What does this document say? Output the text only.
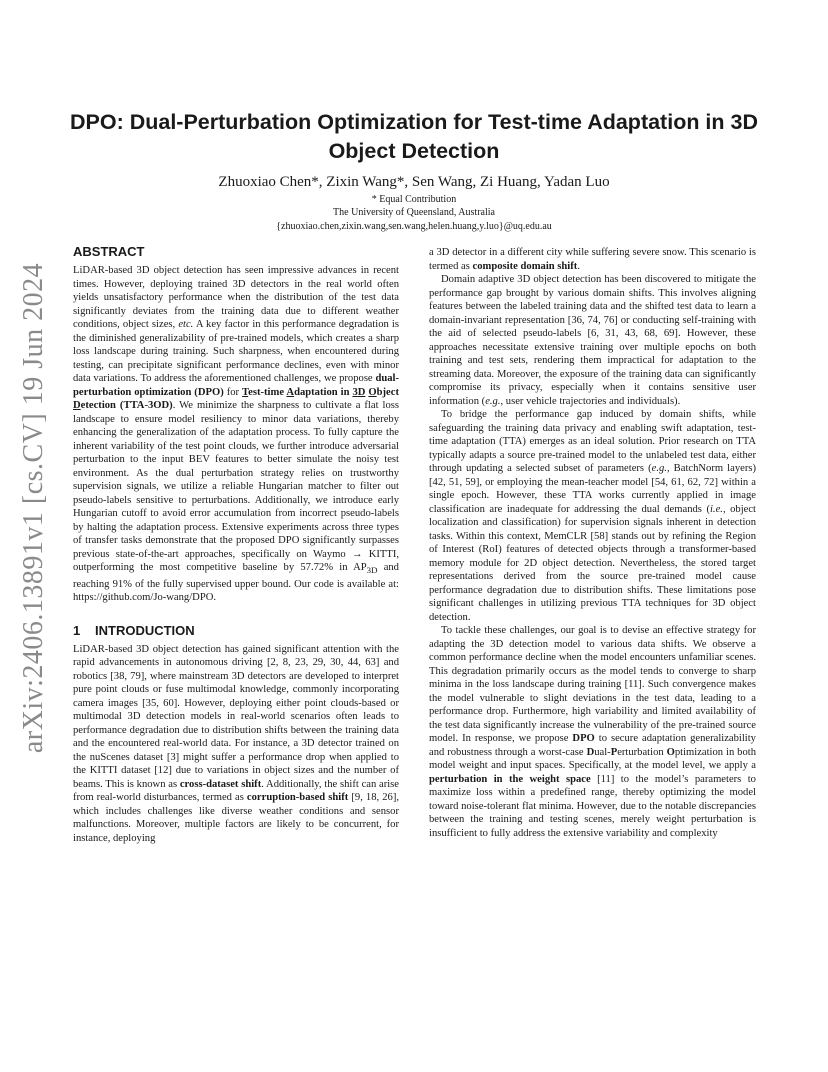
arXiv:2406.13891v1 [cs.CV] 19 Jun 2024
DPO: Dual-Perturbation Optimization for Test-time Adaptation in 3D Object Detection
Zhuoxiao Chen*, Zixin Wang*, Sen Wang, Zi Huang, Yadan Luo
* Equal Contribution
The University of Queensland, Australia
{zhuoxiao.chen,zixin.wang,sen.wang,helen.huang,y.luo}@uq.edu.au
ABSTRACT

LiDAR-based 3D object detection has seen impressive advances in recent times. However, deploying trained 3D detectors in the real world often yields unsatisfactory performance when the distribution of the test data significantly deviates from the training data due to different weather conditions, object sizes, etc. A key factor in this performance degradation is the diminished generalizability of pre-trained models, which creates a sharp loss landscape during training. Such sharpness, when encountered during testing, can precipitate significant performance declines, even with minor data variations. To address the aforementioned challenges, we propose dual-perturbation optimization (DPO) for Test-time Adaptation in 3D Object Detection (TTA-3OD). We minimize the sharpness to cultivate a flat loss landscape to ensure model resiliency to minor data variations, thereby enhancing the generalization of the adaptation process. To fully capture the inherent variability of the test point clouds, we further introduce adversarial perturbation to the input BEV features to better simulate the noisy test environment. As the dual perturbation strategy relies on trustworthy supervision signals, we utilize a reliable Hungarian matcher to filter out pseudo-labels sensitive to perturbations. Additionally, we introduce early Hungarian cutoff to avoid error accumulation from incorrect pseudo-labels by halting the adaptation process. Extensive experiments across three types of transfer tasks demonstrate that the proposed DPO significantly surpasses previous state-of-the-art approaches, specifically on Waymo → KITTI, outperforming the most competitive baseline by 57.72% in $AP_{3D}$ and reaching 91% of the fully supervised upper bound. Our code is available at: https://github.com/Jo-wang/DPO.

1 INTRODUCTION

LiDAR-based 3D object detection has gained significant attention with the rapid advancements in autonomous driving [2, 8, 23, 29, 30, 44, 63] and robotics [38, 79], where mainstream 3D detectors are developed to interpret pure point clouds or fuse multimodal knowledge, commonly incorporating camera images [35, 60]. However, deploying either point clouds-based or multimodal 3D detection models in real-world scenarios often leads to performance degradation due to distribution shifts between the training data and the encountered real-world data. For instance, a 3D detector trained on the nuScenes dataset [3] might suffer a performance drop when applied to the KITTI dataset [12] due to variations in object sizes and the number of beams. This is known as cross-dataset shift. Additionally, the shift can arise from real-world disturbances, termed as corruption-based shift [9, 18, 26], which includes challenges like diverse weather conditions and sensor malfunctions. Moreover, multiple factors are likely to be concurrent, for instance, deploying

a 3D detector in a different city while suffering severe snow. This scenario is termed as composite domain shift.

Domain adaptive 3D object detection has been discovered to mitigate the performance gap brought by various domain shifts. This involves aligning features between the labeled training data and the shifted test data to learn a domain-invariant representation [36, 74, 76] or conducting self-training with the aid of selected pseudo-labels [6, 31, 43, 68, 69]. However, these approaches necessitate extensive training over multiple epochs on both training and test sets, rendering them impractical for adaptation to the streaming data. Moreover, the exposure of the training data can significantly compromise its privacy, especially when it contains sensitive user information (e.g., user vehicle trajectories and individuals).

To bridge the performance gap induced by domain shifts, while safeguarding the training data privacy and enabling swift adaptation, test-time adaptation (TTA) emerges as an ideal solution. Prior research on TTA typically adapts a source pre-trained model to the unlabeled test data, either through updating a selected subset of parameters (e.g., BatchNorm layers) [42, 51, 59], or employing the mean-teacher model [54, 61, 62, 72] within a single epoch. However, these TTA works currently applied in image classification are inadequate for addressing the dual demands (i.e., object localization and classification) for supervision signals inherent in detection tasks. Within this context, MemCLR [58] stands out by refining the Region of Interest (RoI) features of detected objects through a transformer-based memory module for 2D object detection. Nevertheless, the stored target representations derived from the source pre-trained model cause performance degradation due to distribution shifts. These limitations pose significant challenges in utilizing previous TTA techniques for 3D object detection.

To tackle these challenges, our goal is to devise an effective strategy for adapting the 3D detection model to various data shifts. We observe a common performance decline when the model encounters unfamiliar scenes. This degradation primarily occurs as the model tends to converge to sharp minima in the loss landscape during training [11]. Such convergence makes the model vulnerable to slight deviations in the test data, leading to a performance drop. Furthermore, high variability and limited availability of the test data significantly increase the vulnerability of the pre-trained source model. In response, we propose DPO to secure adaptation generalizability and robustness through a worst-case Dual-Perturbation Optimization in both model weight and input spaces. Specifically, at the model level, we apply a perturbation in the weight space [11] to the model’s parameters to maximize loss within a predefined range, thereby optimizing the model toward noise-tolerant flat minima. However, due to the notable discrepancies between the training and testing scenes, merely weight perturbation is insufficient to fully address the extensive variability and complexity
